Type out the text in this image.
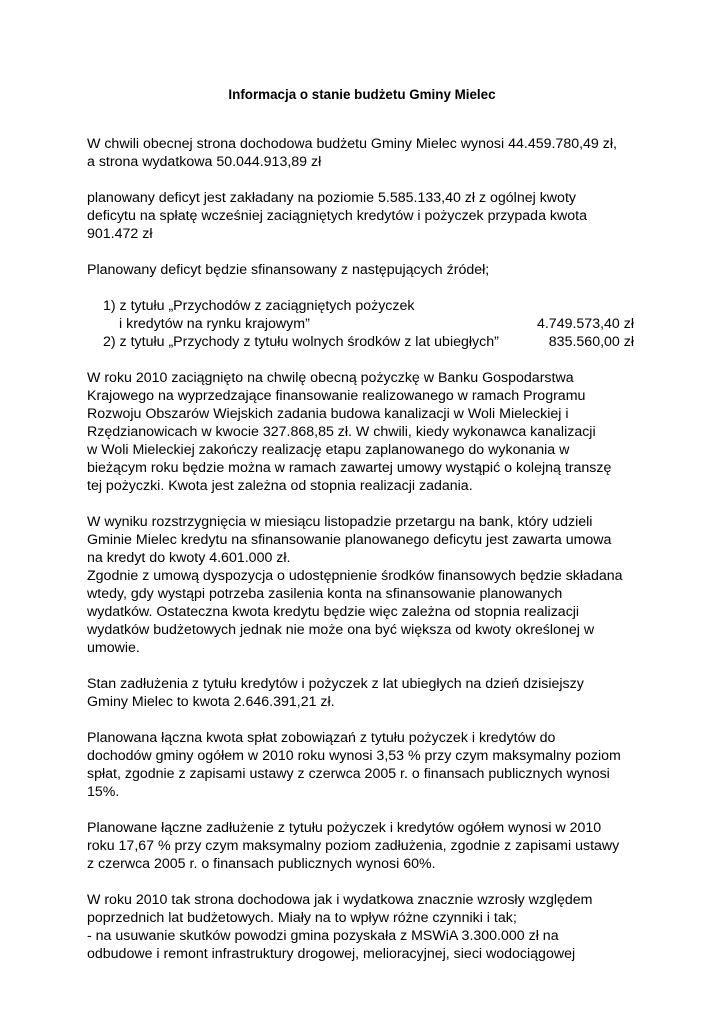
Informacja o stanie budżetu Gminy Mielec

W chwili obecnej strona dochodowa budżetu Gminy Mielec wynosi 44.459.780,49 zł,
a strona wydatkowa 50.044.913,89 zł

planowany deficyt jest zakładany na poziomie 5.585.133,40 zł z ogólnej kwoty
deficytu na spłatę wcześniej zaciągniętych kredytów i pożyczek przypada kwota
901.472 zł

Planowany deficyt będzie sfinansowany z następujących źródeł;

1) z tytułu „Przychodów z zaciągniętych pożyczek
i kredytów na rynku krajowym”	4.749.573,40 zł
2) z tytułu „Przychody z tytułu wolnych środków z lat ubiegłych”	835.560,00 zł

W roku 2010 zaciągnięto na chwilę obecną pożyczkę w Banku Gospodarstwa
Krajowego na wyprzedzające finansowanie realizowanego w ramach Programu
Rozwoju Obszarów Wiejskich zadania budowa kanalizacji w Woli Mieleckiej i
Rzędzianowicach w kwocie 327.868,85 zł. W chwili, kiedy wykonawca kanalizacji
w Woli Mieleckiej zakończy realizację etapu zaplanowanego do wykonania w
bieżącym roku będzie można w ramach zawartej umowy wystąpić o kolejną transzę
tej pożyczki. Kwota jest zależna od stopnia realizacji zadania.

W wyniku rozstrzygnięcia w miesiącu listopadzie przetargu na bank, który udzieli
Gminie Mielec kredytu na sfinansowanie planowanego deficytu jest zawarta umowa
na kredyt do kwoty 4.601.000 zł.

Zgodnie z umową dyspozycja o udostępnienie środków finansowych będzie składana
wtedy, gdy wystąpi potrzeba zasilenia konta na sfinansowanie planowanych
wydatków. Ostateczna kwota kredytu będzie więc zależna od stopnia realizacji
wydatków budżetowych jednak nie może ona być większa od kwoty określonej w
umowie.

Stan zadłużenia z tytułu kredytów i pożyczek z lat ubiegłych na dzień dzisiejszy
Gminy Mielec to kwota 2.646.391,21 zł.

Planowana łączna kwota spłat zobowiązań z tytułu pożyczek i kredytów do
dochodów gminy ogółem w 2010 roku wynosi 3,53 % przy czym maksymalny poziom
spłat, zgodnie z zapisami ustawy z czerwca 2005 r. o finansach publicznych wynosi
15%.

Planowane łączne zadłużenie z tytułu pożyczek i kredytów ogółem wynosi w 2010
roku 17,67 % przy czym maksymalny poziom zadłużenia, zgodnie z zapisami ustawy
z czerwca 2005 r. o finansach publicznych wynosi 60%.

W roku 2010 tak strona dochodowa jak i wydatkowa znacznie wzrosły względem
poprzednich lat budżetowych. Miały na to wpływ różne czynniki i tak;
- na usuwanie skutków powodzi gmina pozyskała z MSWiA 3.300.000 zł na
odbudowe i remont infrastruktury drogowej, melioracyjnej, sieci wodociągowej
